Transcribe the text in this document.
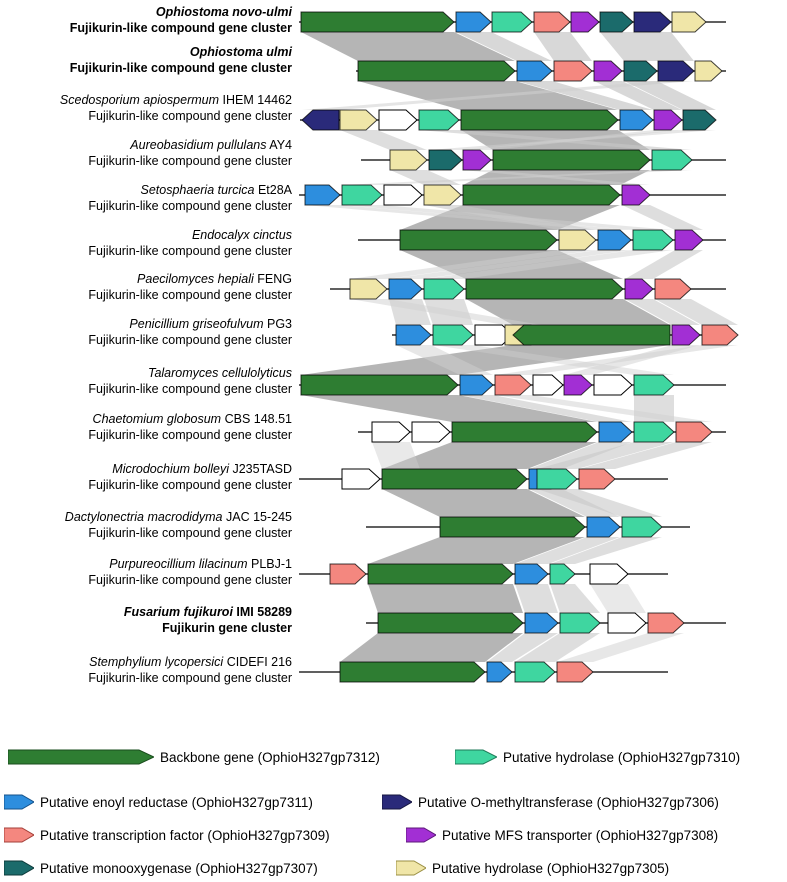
Ophiostoma novo-ulmi
Fujikurin-like compound gene cluster
Ophiostoma ulmi
Fujikurin-like compound gene cluster
Scedosporium apiospermum IHEM 14462
Fujikurin-like compound gene cluster
Aureobasidium pullulans AY4
Fujikurin-like compound gene cluster
Setosphaeria turcica Et28A
Fujikurin-like compound gene cluster
Endocalyx cinctus
Fujikurin-like compound gene cluster
Paecilomyces hepiali FENG
Fujikurin-like compound gene cluster
Penicillium griseofulvum PG3
Fujikurin-like compound gene cluster
Talaromyces cellulolyticus
Fujikurin-like compound gene cluster
Chaetomium globosum CBS 148.51
Fujikurin-like compound gene cluster
Microdochium bolleyi J235TASD
Fujikurin-like compound gene cluster
Dactylonectria macrodidyma JAC 15-245
Fujikurin-like compound gene cluster
Purpureocillium lilacinum PLBJ-1
Fujikurin-like compound gene cluster
Fusarium fujikuroi IMI 58289
Fujikurin gene cluster
Stemphylium lycopersici CIDEFI 216
Fujikurin-like compound gene cluster
Backbone gene (OphioH327gp7312)	Putative hydrolase (OphioH327gp7310)
Putative enoyl reductase (OphioH327gp7311)	Putative O-methyltransferase (OphioH327gp7306)
Putative transcription factor (OphioH327gp7309)	Putative MFS transporter (OphioH327gp7308)
Putative monooxygenase (OphioH327gp7307)	Putative hydrolase (OphioH327gp7305)
